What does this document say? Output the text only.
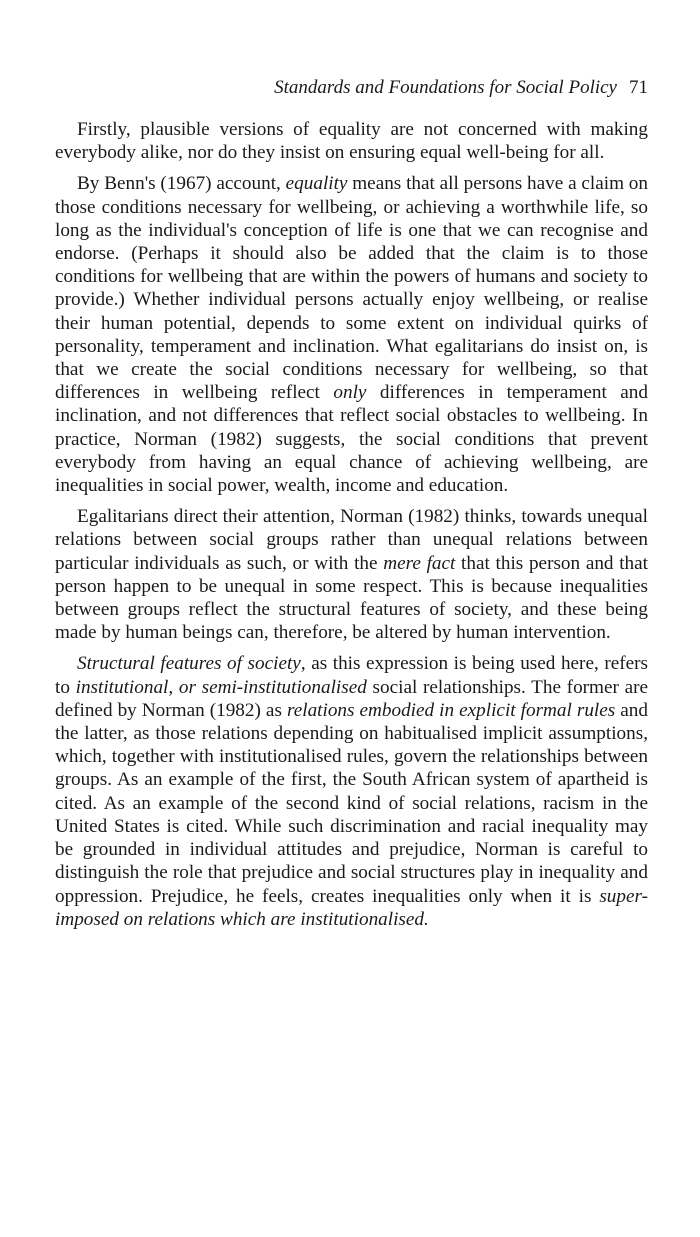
Standards and Foundations for Social Policy 71

Firstly, plausible versions of equality are not concerned with making everybody alike, nor do they insist on ensuring equal well-being for all.

By Benn's (1967) account, equality means that all persons have a claim on those conditions necessary for wellbeing, or achieving a worthwhile life, so long as the individual's conception of life is one that we can recognise and endorse. (Perhaps it should also be added that the claim is to those conditions for wellbeing that are within the powers of humans and society to provide.) Whether individual persons actually enjoy wellbeing, or realise their human potential, depends to some extent on individual quirks of personality, temperament and inclination. What egalitarians do insist on, is that we create the social conditions necessary for wellbeing, so that differences in wellbeing reflect only differences in temperament and inclination, and not differences that reflect social obstacles to wellbeing. In practice, Norman (1982) suggests, the social conditions that prevent everybody from having an equal chance of achieving wellbeing, are inequalities in social power, wealth, income and education.

Egalitarians direct their attention, Norman (1982) thinks, towards unequal relations between social groups rather than unequal relations between particular individuals as such, or with the mere fact that this person and that person happen to be unequal in some respect. This is because inequalities between groups reflect the structural features of society, and these being made by human beings can, therefore, be altered by human intervention.

Structural features of society, as this expression is being used here, refers to institutional, or semi-institutionalised social relationships. The former are defined by Norman (1982) as relations embodied in explicit formal rules and the latter, as those relations depending on habitualised implicit assumptions, which, together with institutionalised rules, govern the relationships between groups. As an example of the first, the South African system of apartheid is cited. As an example of the second kind of social relations, racism in the United States is cited. While such discrimination and racial inequality may be grounded in individual attitudes and prejudice, Norman is careful to distinguish the role that prejudice and social structures play in inequality and oppression. Prejudice, he feels, creates inequalities only when it is super-imposed on relations which are institutionalised.
